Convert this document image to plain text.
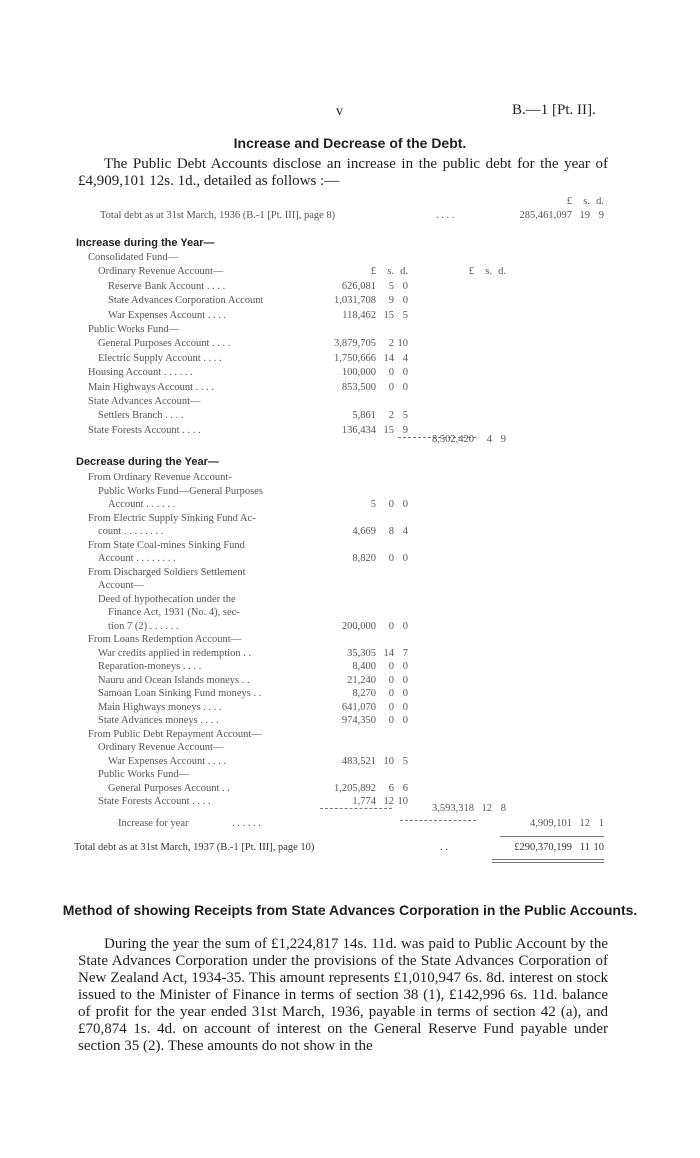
v	B.—1 [Pt. II].
Increase and Decrease of the Debt.
The Public Debt Accounts disclose an increase in the public debt for the year of £4,909,101 12s. 1d., detailed as follows :—
£	s. d.
Total debt as at 31st March, 1936 (B.-1 [Pt. III], page 8)	. . . .	285,461,097 19 9
Increase during the Year—
Consolidated Fund—
Ordinary Revenue Account—	£	s. d.	£	s. d.
Reserve Bank Account . . . .	626,081	5 0
State Advances Corporation Account	1,031,708	9 0
War Expenses Account . . . .	118,462 15 5
Public Works Fund—
General Purposes Account . . . .	3,879,705	2 10
Electric Supply Account . . . .	1,750,666 14 4
Housing Account . . . . . .	100,000	0 0
Main Highways Account . . . .	853,500	0 0
State Advances Account—
Settlers Branch . . . .	5,861	2 5
State Forests Account . . . .	136,434 15 9
8,502,420	4 9
Decrease during the Year—
From Ordinary Revenue Account-
Public Works Fund—General Purposes
Account . . . . . .	5	0 0
From Electric Supply Sinking Fund Ac-
count . . . . . . . .	4,669	8 4
From State Coal-mines Sinking Fund
Account . . . . . . . .	8,820	0 0
From Discharged Soldiers Settlement
Account—
Deed of hypothecation under the
Finance Act, 1931 (No. 4), sec-
tion 7 (2) . . . . . .	200,000	0 0
From Loans Redemption Account—
War credits applied in redemption . .	35,305 14 7
Reparation-moneys . . . .	8,400	0 0
Nauru and Ocean Islands moneys . .	21,240	0 0
Samoan Loan Sinking Fund moneys . .	8,270	0 0
Main Highways moneys . . . .	641,070	0 0
State Advances moneys . . . .	974,350	0 0
From Public Debt Repayment Account—
Ordinary Revenue Account—
War Expenses Account . . . .	483,521 10 5
Public Works Fund—
General Purposes Account . .	1,205,892	6 6
State Forests Account . . . .	1,774 12 10
3,593,318 12 8
Increase for year	. . . . . .	4,909,101 12 1
Total debt as at 31st March, 1937 (B.-1 [Pt. III], page 10)	. .	£290,370,199 11 10
Method of showing Receipts from State Advances Corporation in the Public Accounts.
During the year the sum of £1,224,817 14s. 11d. was paid to Public Account by the State Advances Corporation under the provisions of the State Advances Corporation of New Zealand Act, 1934-35. This amount represents £1,010,947 6s. 8d. interest on stock issued to the Minister of Finance in terms of section 38 (1), £142,996 6s. 11d. balance of profit for the year ended 31st March, 1936, payable in terms of section 42 (a), and £70,874 1s. 4d. on account of interest on the General Reserve Fund payable under section 35 (2). These amounts do not show in the
